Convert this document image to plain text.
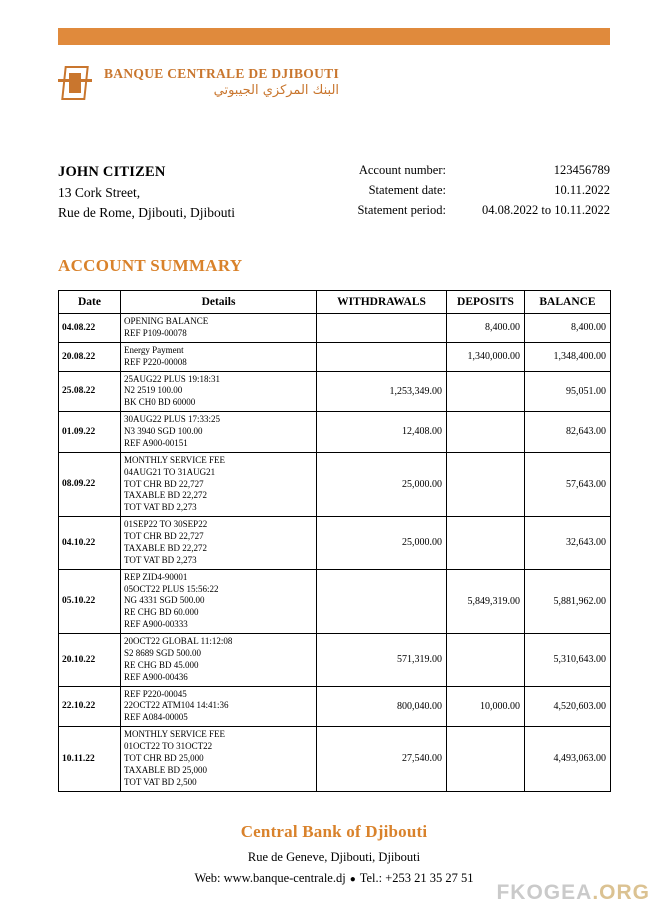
BANQUE CENTRALE DE DJIBOUTI
البنك المركزي الجيبوتي
JOHN CITIZEN
13 Cork Street,
Rue de Rome, Djibouti, Djibouti
Account number:	123456789
Statement date:	10.11.2022
Statement period:	04.08.2022 to 10.11.2022
ACCOUNT SUMMARY
Date	Details	WITHDRAWALS	DEPOSITS	BALANCE
04.08.22	OPENING BALANCE
REF P109-00078		8,400.00	8,400.00
20.08.22	Energy Payment
REF P220-00008		1,340,000.00	1,348,400.00
25.08.22	25AUG22 PLUS 19:18:31
N2 2519 100.00
BK CH0 BD 60000	1,253,349.00		95,051.00
01.09.22	30AUG22 PLUS 17:33:25
N3 3940 SGD 100.00
REF A900-00151	12,408.00		82,643.00
08.09.22	MONTHLY SERVICE FEE
04AUG21 TO 31AUG21
TOT CHR BD 22,727
TAXABLE BD 22,272
TOT VAT BD 2,273	25,000.00		57,643.00
04.10.22	01SEP22 TO 30SEP22
TOT CHR BD 22,727
TAXABLE BD 22,272
TOT VAT BD 2,273	25,000.00		32,643.00
05.10.22	REP ZID4-90001
05OCT22 PLUS 15:56:22
NG 4331 SGD 500.00
RE CHG BD 60.000
REF A900-00333		5,849,319.00	5,881,962.00
20.10.22	20OCT22 GLOBAL 11:12:08
S2 8689 SGD 500.00
RE CHG BD 45.000
REF A900-00436	571,319.00		5,310,643.00
22.10.22	REF P220-00045
22OCT22 ATM104 14:41:36
REF A084-00005	800,040.00	10,000.00	4,520,603.00
10.11.22	MONTHLY SERVICE FEE
01OCT22 TO 31OCT22
TOT CHR BD 25,000
TAXABLE BD 25,000
TOT VAT BD 2,500	27,540.00		4,493,063.00
Central Bank of Djibouti
Rue de Geneve, Djibouti, Djibouti
Web: www.banque-centrale.dj ● Tel.: +253 21 35 27 51
FKOGEA.ORG
